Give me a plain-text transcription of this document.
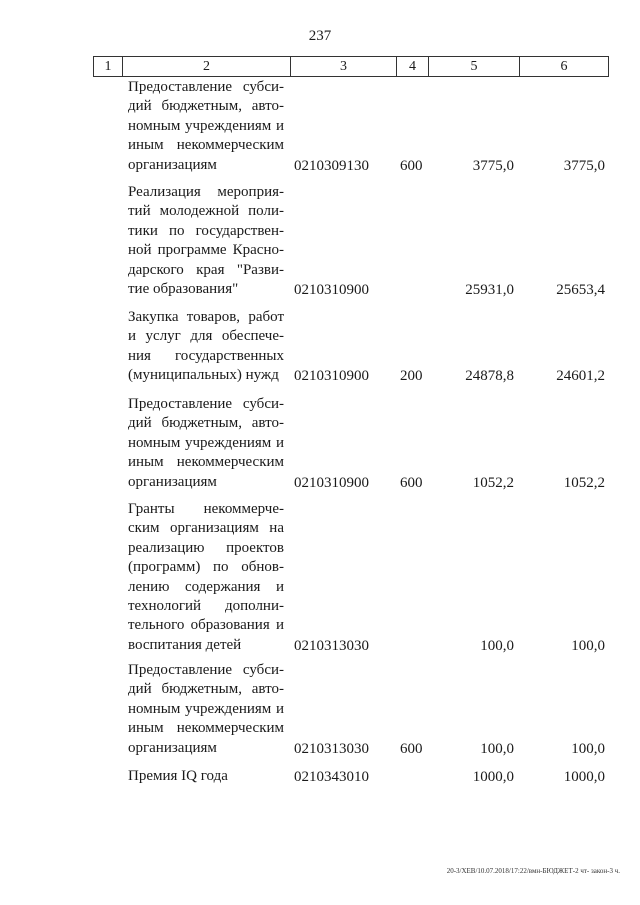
237
1	2	3	4	5	6
Предоставление субси-
дий бюджетным, авто-
номным учреждениям и
иным некоммерческим
организациям	0210309130 600	3775,0	3775,0
Реализация мероприя-
тий молодежной поли-
тики по государствен-
ной программе Красно-
дарского края "Разви-
тие образования"	0210310900	25931,0	25653,4
Закупка товаров, работ
и услуг для обеспече-
ния государственных
(муниципальных) нужд	0210310900 200	24878,8	24601,2
Предоставление субси-
дий бюджетным, авто-
номным учреждениям и
иным некоммерческим
организациям	0210310900 600	1052,2	1052,2
Гранты некоммерче-
ским организациям на
реализацию проектов
(программ) по обнов-
лению содержания и
технологий дополни-
тельного образования и
воспитания детей	0210313030	100,0	100,0
Предоставление субси-
дий бюджетным, авто-
номным учреждениям и
иным некоммерческим
организациям	0210313030 600	100,0	100,0
Премия IQ года	0210343010	1000,0	1000,0
20-3/ХЕВ/10.07.2018/17:22/вмн-БЮДЖЕТ-2 чт- закон-3 ч.
